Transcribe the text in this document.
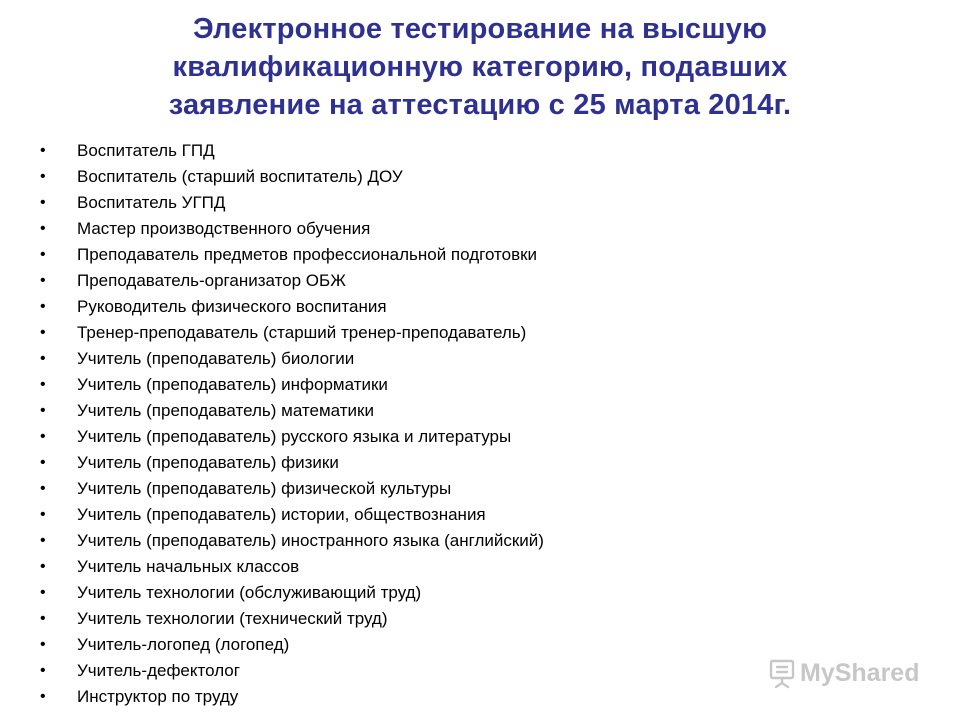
Электронное тестирование на высшую
квалификационную категорию, подавших
заявление на аттестацию с 25 марта 2014г.
•	Воспитатель ГПД
•	Воспитатель (старший воспитатель) ДОУ
•	Воспитатель УГПД
•	Мастер производственного обучения
•	Преподаватель предметов профессиональной подготовки
•	Преподаватель-организатор ОБЖ
•	Руководитель физического воспитания
•	Тренер-преподаватель (старший тренер-преподаватель)
•	Учитель (преподаватель) биологии
•	Учитель (преподаватель) информатики
•	Учитель (преподаватель) математики
•	Учитель (преподаватель) русского языка и литературы
•	Учитель (преподаватель) физики
•	Учитель (преподаватель) физической культуры
•	Учитель (преподаватель) истории, обществознания
•	Учитель (преподаватель) иностранного языка (английский)
•	Учитель начальных классов
•	Учитель технологии (обслуживающий труд)
•	Учитель технологии (технический труд)
•	Учитель-логопед (логопед)
•	Учитель-дефектолог
•	Инструктор по труду
MyShared
